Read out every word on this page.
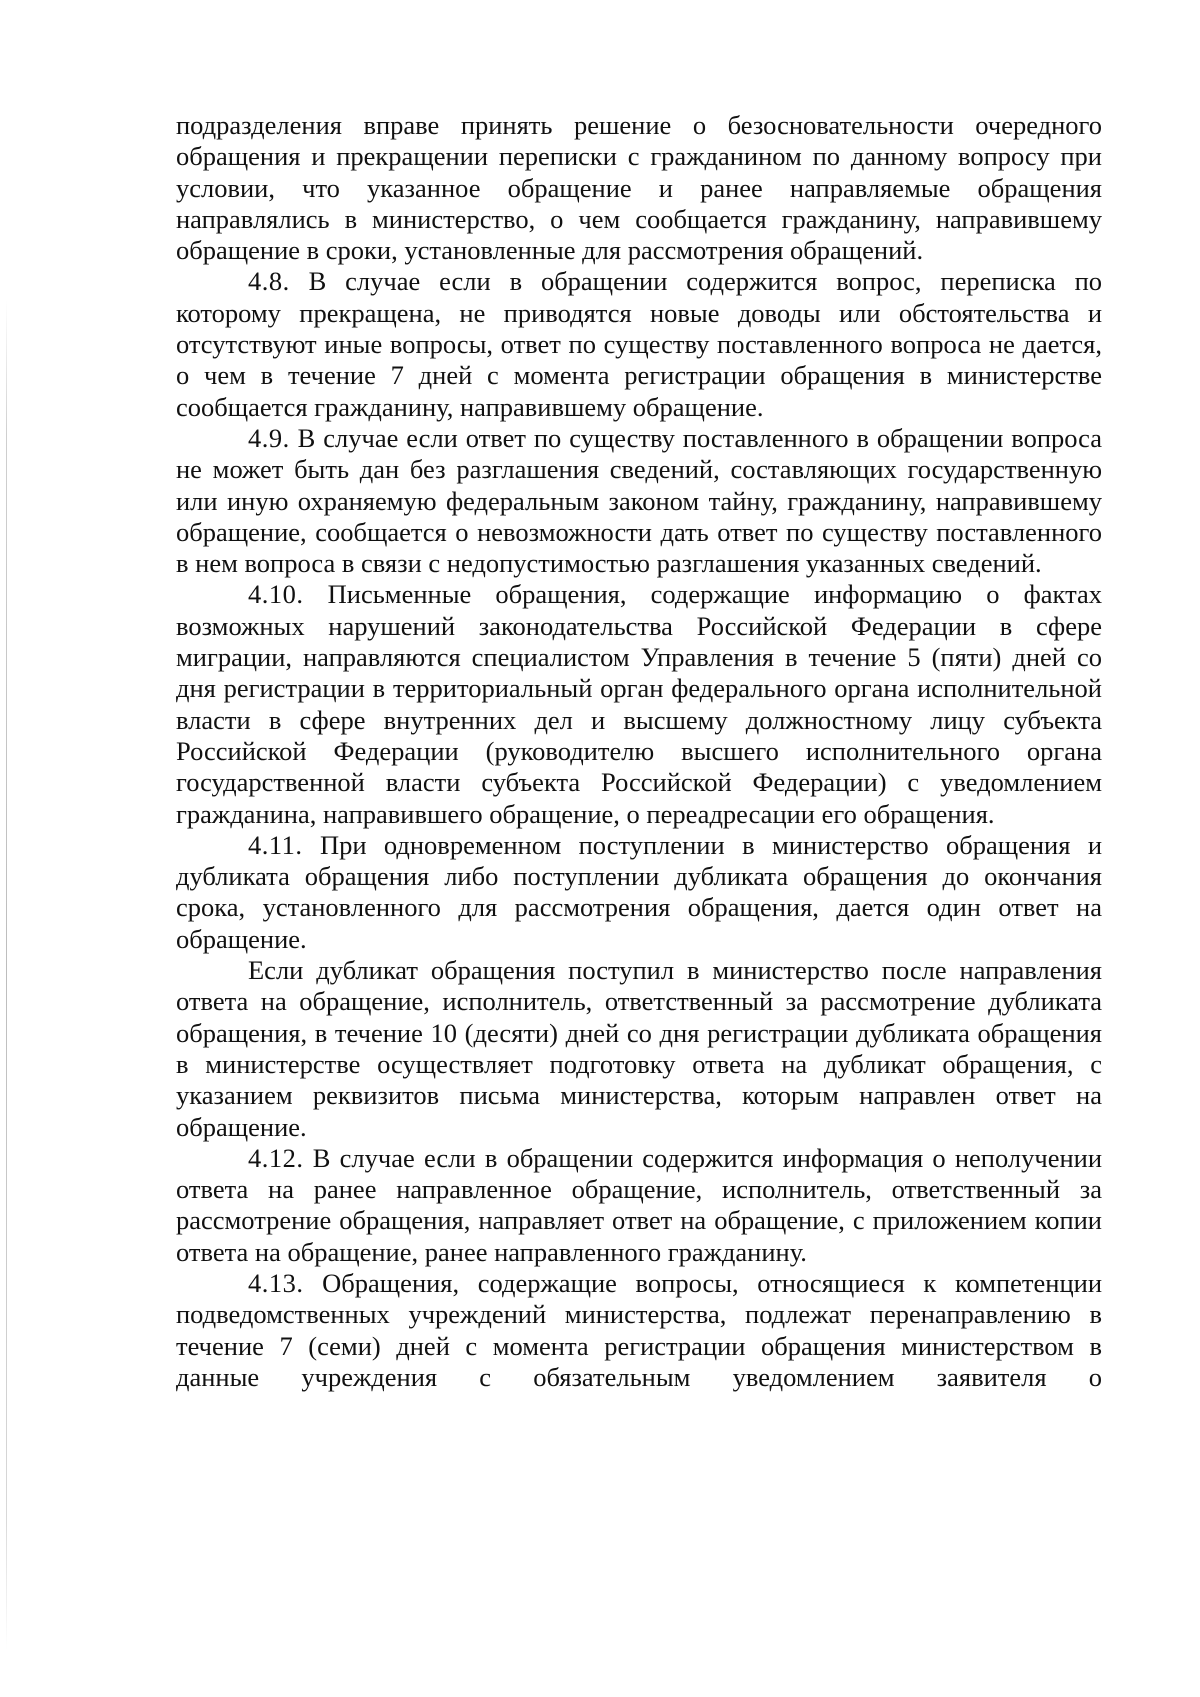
подразделения вправе принять решение о безосновательности очередного обращения и прекращении переписки с гражданином по данному вопросу при условии, что указанное обращение и ранее направляемые обращения направлялись в министерство, о чем сообщается гражданину, направившему обращение в сроки, установленные для рассмотрения обращений.

4.8. В случае если в обращении содержится вопрос, переписка по которому прекращена, не приводятся новые доводы или обстоятельства и отсутствуют иные вопросы, ответ по существу поставленного вопроса не дается, о чем в течение 7 дней с момента регистрации обращения в министерстве сообщается гражданину, направившему обращение.

4.9. В случае если ответ по существу поставленного в обращении вопроса не может быть дан без разглашения сведений, составляющих государственную или иную охраняемую федеральным законом тайну, гражданину, направившему обращение, сообщается о невозможности дать ответ по существу поставленного в нем вопроса в связи с недопустимостью разглашения указанных сведений.

4.10. Письменные обращения, содержащие информацию о фактах возможных нарушений законодательства Российской Федерации в сфере миграции, направляются специалистом Управления в течение 5 (пяти) дней со дня регистрации в территориальный орган федерального органа исполнительной власти в сфере внутренних дел и высшему должностному лицу субъекта Российской Федерации (руководителю высшего исполнительного органа государственной власти субъекта Российской Федерации) с уведомлением гражданина, направившего обращение, о переадресации его обращения.

4.11. При одновременном поступлении в министерство обращения и дубликата обращения либо поступлении дубликата обращения до окончания срока, установленного для рассмотрения обращения, дается один ответ на обращение.

Если дубликат обращения поступил в министерство после направления ответа на обращение, исполнитель, ответственный за рассмотрение дубликата обращения, в течение 10 (десяти) дней со дня регистрации дубликата обращения в министерстве осуществляет подготовку ответа на дубликат обращения, с указанием реквизитов письма министерства, которым направлен ответ на обращение.

4.12. В случае если в обращении содержится информация о неполучении ответа на ранее направленное обращение, исполнитель, ответственный за рассмотрение обращения, направляет ответ на обращение, с приложением копии ответа на обращение, ранее направленного гражданину.

4.13. Обращения, содержащие вопросы, относящиеся к компетенции подведомственных учреждений министерства, подлежат перенаправлению в течение 7 (семи) дней с момента регистрации обращения министерством в данные учреждения с обязательным уведомлением заявителя о
